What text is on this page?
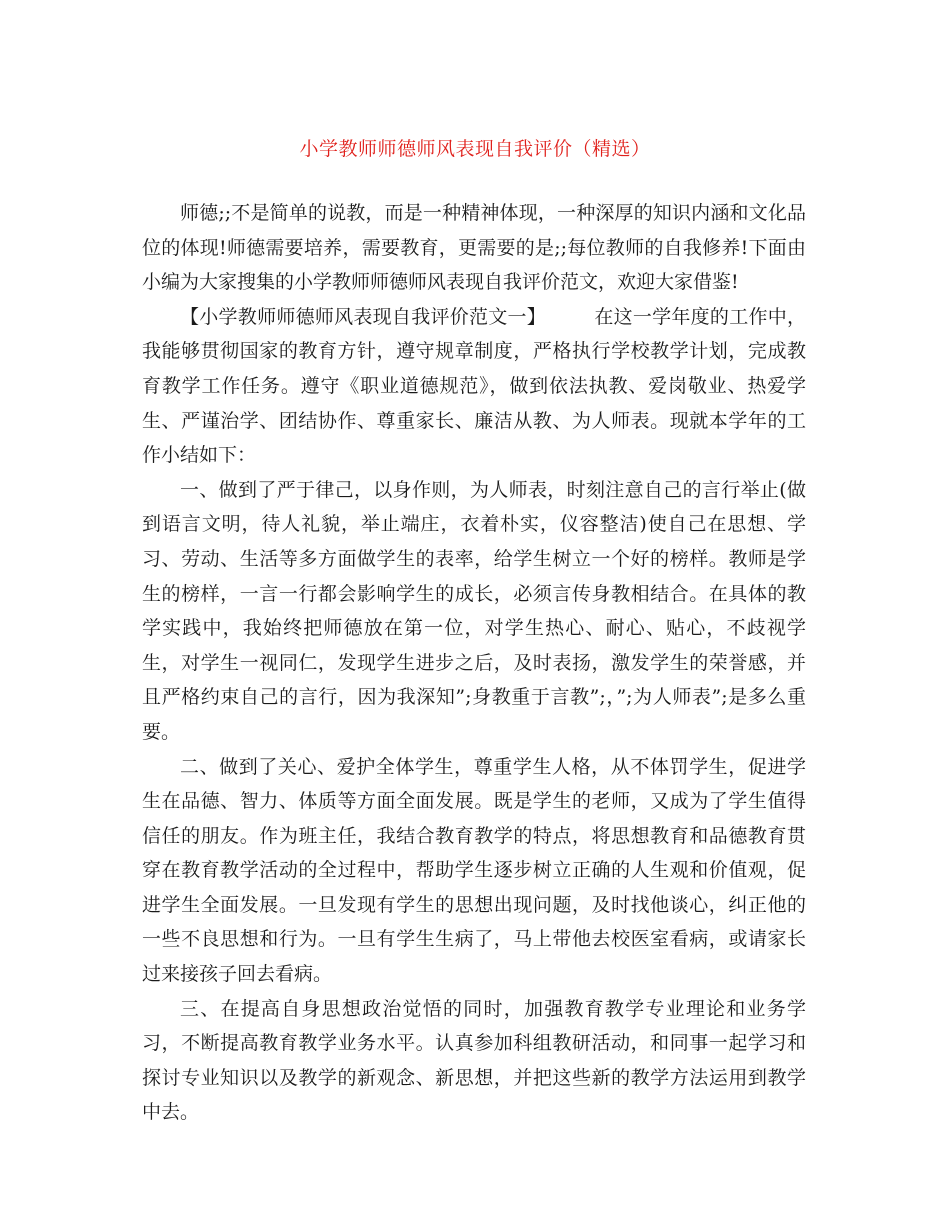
小学教师师德师风表现自我评价（精选）

师德;;不是简单的说教，而是一种精神体现，一种深厚的知识内涵和文化品位的体现!师德需要培养，需要教育，更需要的是;;每位教师的自我修养!下面由小编为大家搜集的小学教师师德师风表现自我评价范文，欢迎大家借鉴!

【小学教师师德师风表现自我评价范文一】	在这一学年度的工作中，我能够贯彻国家的教育方针，遵守规章制度，严格执行学校教学计划，完成教育教学工作任务。遵守《职业道德规范》，做到依法执教、爱岗敬业、热爱学生、严谨治学、团结协作、尊重家长、廉洁从教、为人师表。现就本学年的工作小结如下：

一、做到了严于律己，以身作则，为人师表，时刻注意自己的言行举止(做到语言文明，待人礼貌，举止端庄，衣着朴实，仪容整洁)使自己在思想、学习、劳动、生活等多方面做学生的表率，给学生树立一个好的榜样。教师是学生的榜样，一言一行都会影响学生的成长，必须言传身教相结合。在具体的教学实践中，我始终把师德放在第一位，对学生热心、耐心、贴心，不歧视学生，对学生一视同仁，发现学生进步之后，及时表扬，激发学生的荣誉感，并且严格约束自己的言行，因为我深知”;身教重于言教”;，”;为人师表”;是多么重要。

二、做到了关心、爱护全体学生，尊重学生人格，从不体罚学生，促进学生在品德、智力、体质等方面全面发展。既是学生的老师，又成为了学生值得信任的朋友。作为班主任，我结合教育教学的特点，将思想教育和品德教育贯穿在教育教学活动的全过程中，帮助学生逐步树立正确的人生观和价值观，促进学生全面发展。一旦发现有学生的思想出现问题，及时找他谈心，纠正他的一些不良思想和行为。一旦有学生生病了，马上带他去校医室看病，或请家长过来接孩子回去看病。

三、在提高自身思想政治觉悟的同时，加强教育教学专业理论和业务学习，不断提高教育教学业务水平。认真参加科组教研活动，和同事一起学习和探讨专业知识以及教学的新观念、新思想，并把这些新的教学方法运用到教学中去。
